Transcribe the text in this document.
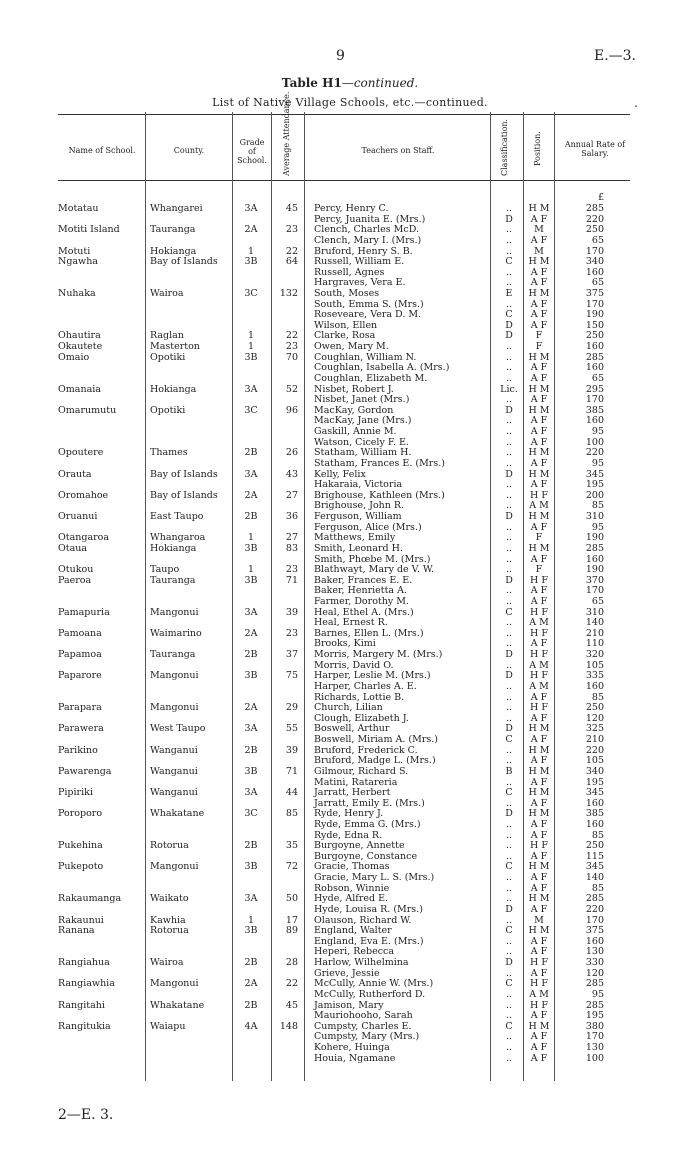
9	E.—3.
Table H1—continued.
List of Native Village Schools, etc.—continued.	.
Name of School.	County.
Grade of School. Average Attendance.	Teachers on Staff.	Classification.	Position.	Annual Rate of Salary.
£
Motatau	Whangarei	3A	45 Percy, Henry C.	..	H M	285
Percy, Juanita E. (Mrs.)	D	A F	220
Motiti Island	Tauranga	2A	23 Clench, Charles McD.	..	M	250
Clench, Mary I. (Mrs.)	..	A F	65
Motuti	Hokianga	1	22 Bruford, Henry S. B.	..	M	170
Ngawha	Bay of Islands	3B	64 Russell, William E.	C	H M	340
Russell, Agnes	..	A F	160
Hargraves, Vera E.	..	A F	65
Nuhaka	Wairoa	3C	132 South, Moses	E	H M	375
South, Emma S. (Mrs.)	..	A F	170
Roseveare, Vera D. M.	C	A F	190
Wilson, Ellen	D	A F	150
Ohautira	Raglan	1	22 Clarke, Rosa	D	F	250
Okautete	Masterton	1	23 Owen, Mary M.	..	F	160
Omaio	Opotiki	3B	70 Coughlan, William N.	..	H M	285
Coughlan, Isabella A. (Mrs.)	..	A F	160
Coughlan, Elizabeth M.	..	A F	65
Omanaia	Hokianga	3A	52 Nisbet, Robert J.	Lic.	H M	295
Nisbet, Janet (Mrs.)	..	A F	170
Omarumutu	Opotiki	3C	96 MacKay, Gordon	D	H M	385
MacKay, Jane (Mrs.)	..	A F	160
Gaskill, Annie M.	..	A F	95
Watson, Cicely F. E.	..	A F	100
Opoutere	Thames	2B	26 Statham, William H.	..	H M	220
Statham, Frances E. (Mrs.)	..	A F	95
Orauta	Bay of Islands	3A	43 Kelly, Felix	D	H M	345
Hakaraia, Victoria	..	A F	195
Oromahoe	Bay of Islands	2A	27 Brighouse, Kathleen (Mrs.)	..	H F	200
Brighouse, John R.	..	A M	85
Oruanui	East Taupo	2B	36 Ferguson, William	D	H M	310
Ferguson, Alice (Mrs.)	..	A F	95
Otangaroa	Whangaroa	1	27 Matthews, Emily	..	F	190
Otaua	Hokianga	3B	83 Smith, Leonard H.	..	H M	285
Smith, Phœbe M. (Mrs.)	..	A F	160
Otukou	Taupo	1	23 Blathwayt, Mary de V. W.	..	F	190
Paeroa	Tauranga	3B	71 Baker, Frances E. E.	D	H F	370
Baker, Henrietta A.	..	A F	170
Farmer, Dorothy M.	..	A F	65
Pamapuria	Mangonui	3A	39 Heal, Ethel A. (Mrs.)	C	H F	310
Heal, Ernest R.	..	A M	140
Pamoana	Waimarino	2A	23 Barnes, Ellen L. (Mrs.)	..	H F	210
Brooks, Kimi	..	A F	110
Papamoa	Tauranga	2B	37 Morris, Margery M. (Mrs.)	D	H F	320
Morris, David O.	..	A M	105
Paparore	Mangonui	3B	75 Harper, Leslie M. (Mrs.)	D	H F	335
Harper, Charles A. E.	..	A M	160
Richards, Lottie B.	..	A F	85
Parapara	Mangonui	2A	29 Church, Lilian	..	H F	250
Clough, Elizabeth J.	..	A F	120
Parawera	West Taupo	3A	55 Boswell, Arthur	D	H M	325
Boswell, Miriam A. (Mrs.)	C	A F	210
Parikino	Wanganui	2B	39 Bruford, Frederick C.	..	H M	220
Bruford, Madge L. (Mrs.)	..	A F	105
Pawarenga	Wanganui	3B	71 Gilmour, Richard S.	B	H M	340
Matini, Ratareria	..	A F	195
Pipiriki	Wanganui	3A	44 Jarratt, Herbert	C	H M	345
Jarratt, Emily E. (Mrs.)	..	A F	160
Poroporo	Whakatane	3C	85 Ryde, Henry J.	D	H M	385
Ryde, Emma G. (Mrs.)	..	A F	160
Ryde, Edna R.	..	A F	85
Pukehina	Rotorua	2B	35 Burgoyne, Annette	..	H F	250
Burgoyne, Constance	..	A F	115
Pukepoto	Mangonui	3B	72 Gracie, Thomas	C	H M	345
Gracie, Mary L. S. (Mrs.)	..	A F	140
Robson, Winnie	..	A F	85
Rakaumanga	Waikato	3A	50 Hyde, Alfred E.	..	H M	285
Hyde, Louisa R. (Mrs.)	D	A F	220
Rakaunui	Kawhia	1	17 Olauson, Richard W.	..	M	170
Ranana	Rotorua	3B	89 England, Walter	C	H M	375
England, Eva E. (Mrs.)	..	A F	160
Heperi, Rebecca	..	A F	130
Rangiahua	Wairoa	2B	28 Harlow, Wilhelmina	D	H F	330
Grieve, Jessie	..	A F	120
Rangiawhia	Mangonui	2A	22 McCully, Annie W. (Mrs.)	C	H F	285
McCully, Rutherford D.	..	A M	95
Rangitahi	Whakatane	2B	45 Jamison, Mary	..	H F	285
Mauriohooho, Sarah	..	A F	195
Rangitukia	Waiapu	4A	148 Cumpsty, Charles E.	C	H M	380
Cumpsty, Mary (Mrs.)	..	A F	170
Kohere, Huinga	..	A F	130
Houia, Ngamane	..	A F	100
2—E. 3.
